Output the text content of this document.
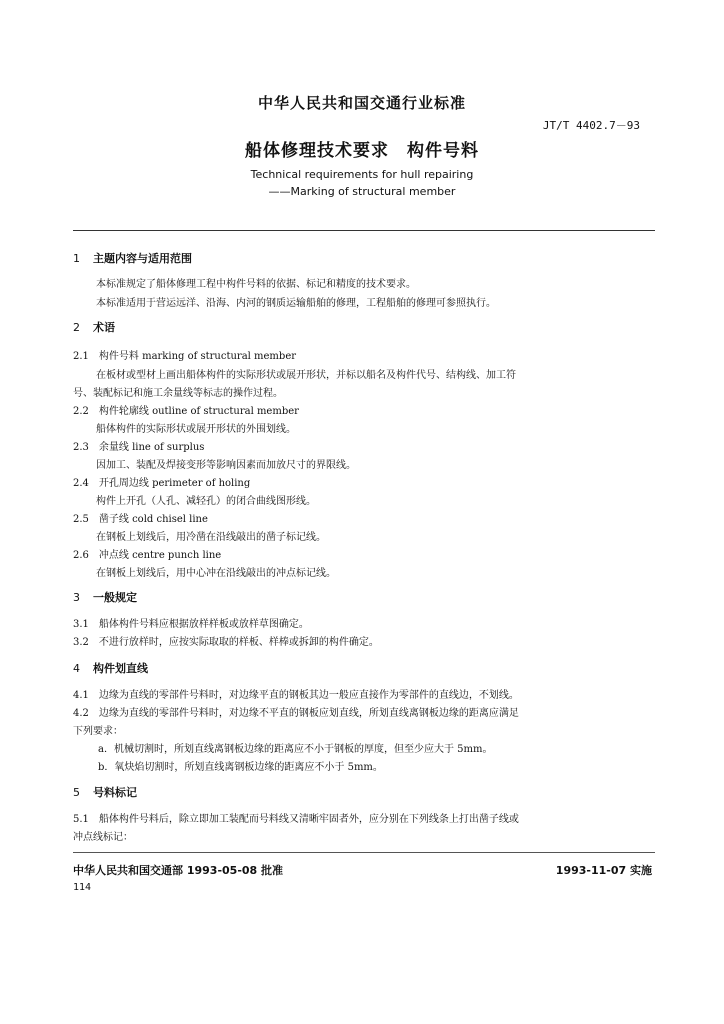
中华人民共和国交通行业标准
JT/T 4402.7－93
船体修理技术要求　构件号料
Technical requirements for hull repairing
——Marking of structural member
1 主题内容与适用范围
本标准规定了船体修理工程中构件号料的依据、标记和精度的技术要求。
本标准适用于营运远洋、沿海、内河的钢质运输船舶的修理，工程船舶的修理可参照执行。
2 术语
2.1　构件号料 marking of structural member
在板材或型材上画出船体构件的实际形状或展开形状，并标以船名及构件代号、结构线、加工符
号、装配标记和施工余量线等标志的操作过程。
2.2　构件轮廓线 outline of structural member
船体构件的实际形状或展开形状的外围划线。
2.3　余量线 line of surplus
因加工、装配及焊接变形等影响因素而加放尺寸的界限线。
2.4　开孔周边线 perimeter of holing
构件上开孔（人孔、减轻孔）的闭合曲线图形线。
2.5　凿子线 cold chisel line
在钢板上划线后，用冷凿在沿线敲出的凿子标记线。
2.6　冲点线 centre punch line
在钢板上划线后，用中心冲在沿线敲出的冲点标记线。
3 一般规定
3.1　船体构件号料应根据放样样板或放样草图确定。
3.2　不进行放样时，应按实际取取的样板、样棒或拆卸的构件确定。
4 构件划直线
4.1　边缘为直线的零部件号料时，对边缘平直的钢板其边一般应直接作为零部件的直线边，不划线。
4.2　边缘为直线的零部件号料时，对边缘不平直的钢板应划直线，所划直线离钢板边缘的距离应满足
下列要求：
a．机械切割时，所划直线离钢板边缘的距离应不小于钢板的厚度，但至少应大于 5mm。
b．氧炔焰切割时，所划直线离钢板边缘的距离应不小于 5mm。
5 号料标记
5.1　船体构件号料后，除立即加工装配而号料线又清晰牢固者外，应分别在下列线条上打出凿子线或
冲点线标记：
中华人民共和国交通部 1993-05-08 批准	1993-11-07 实施
114
